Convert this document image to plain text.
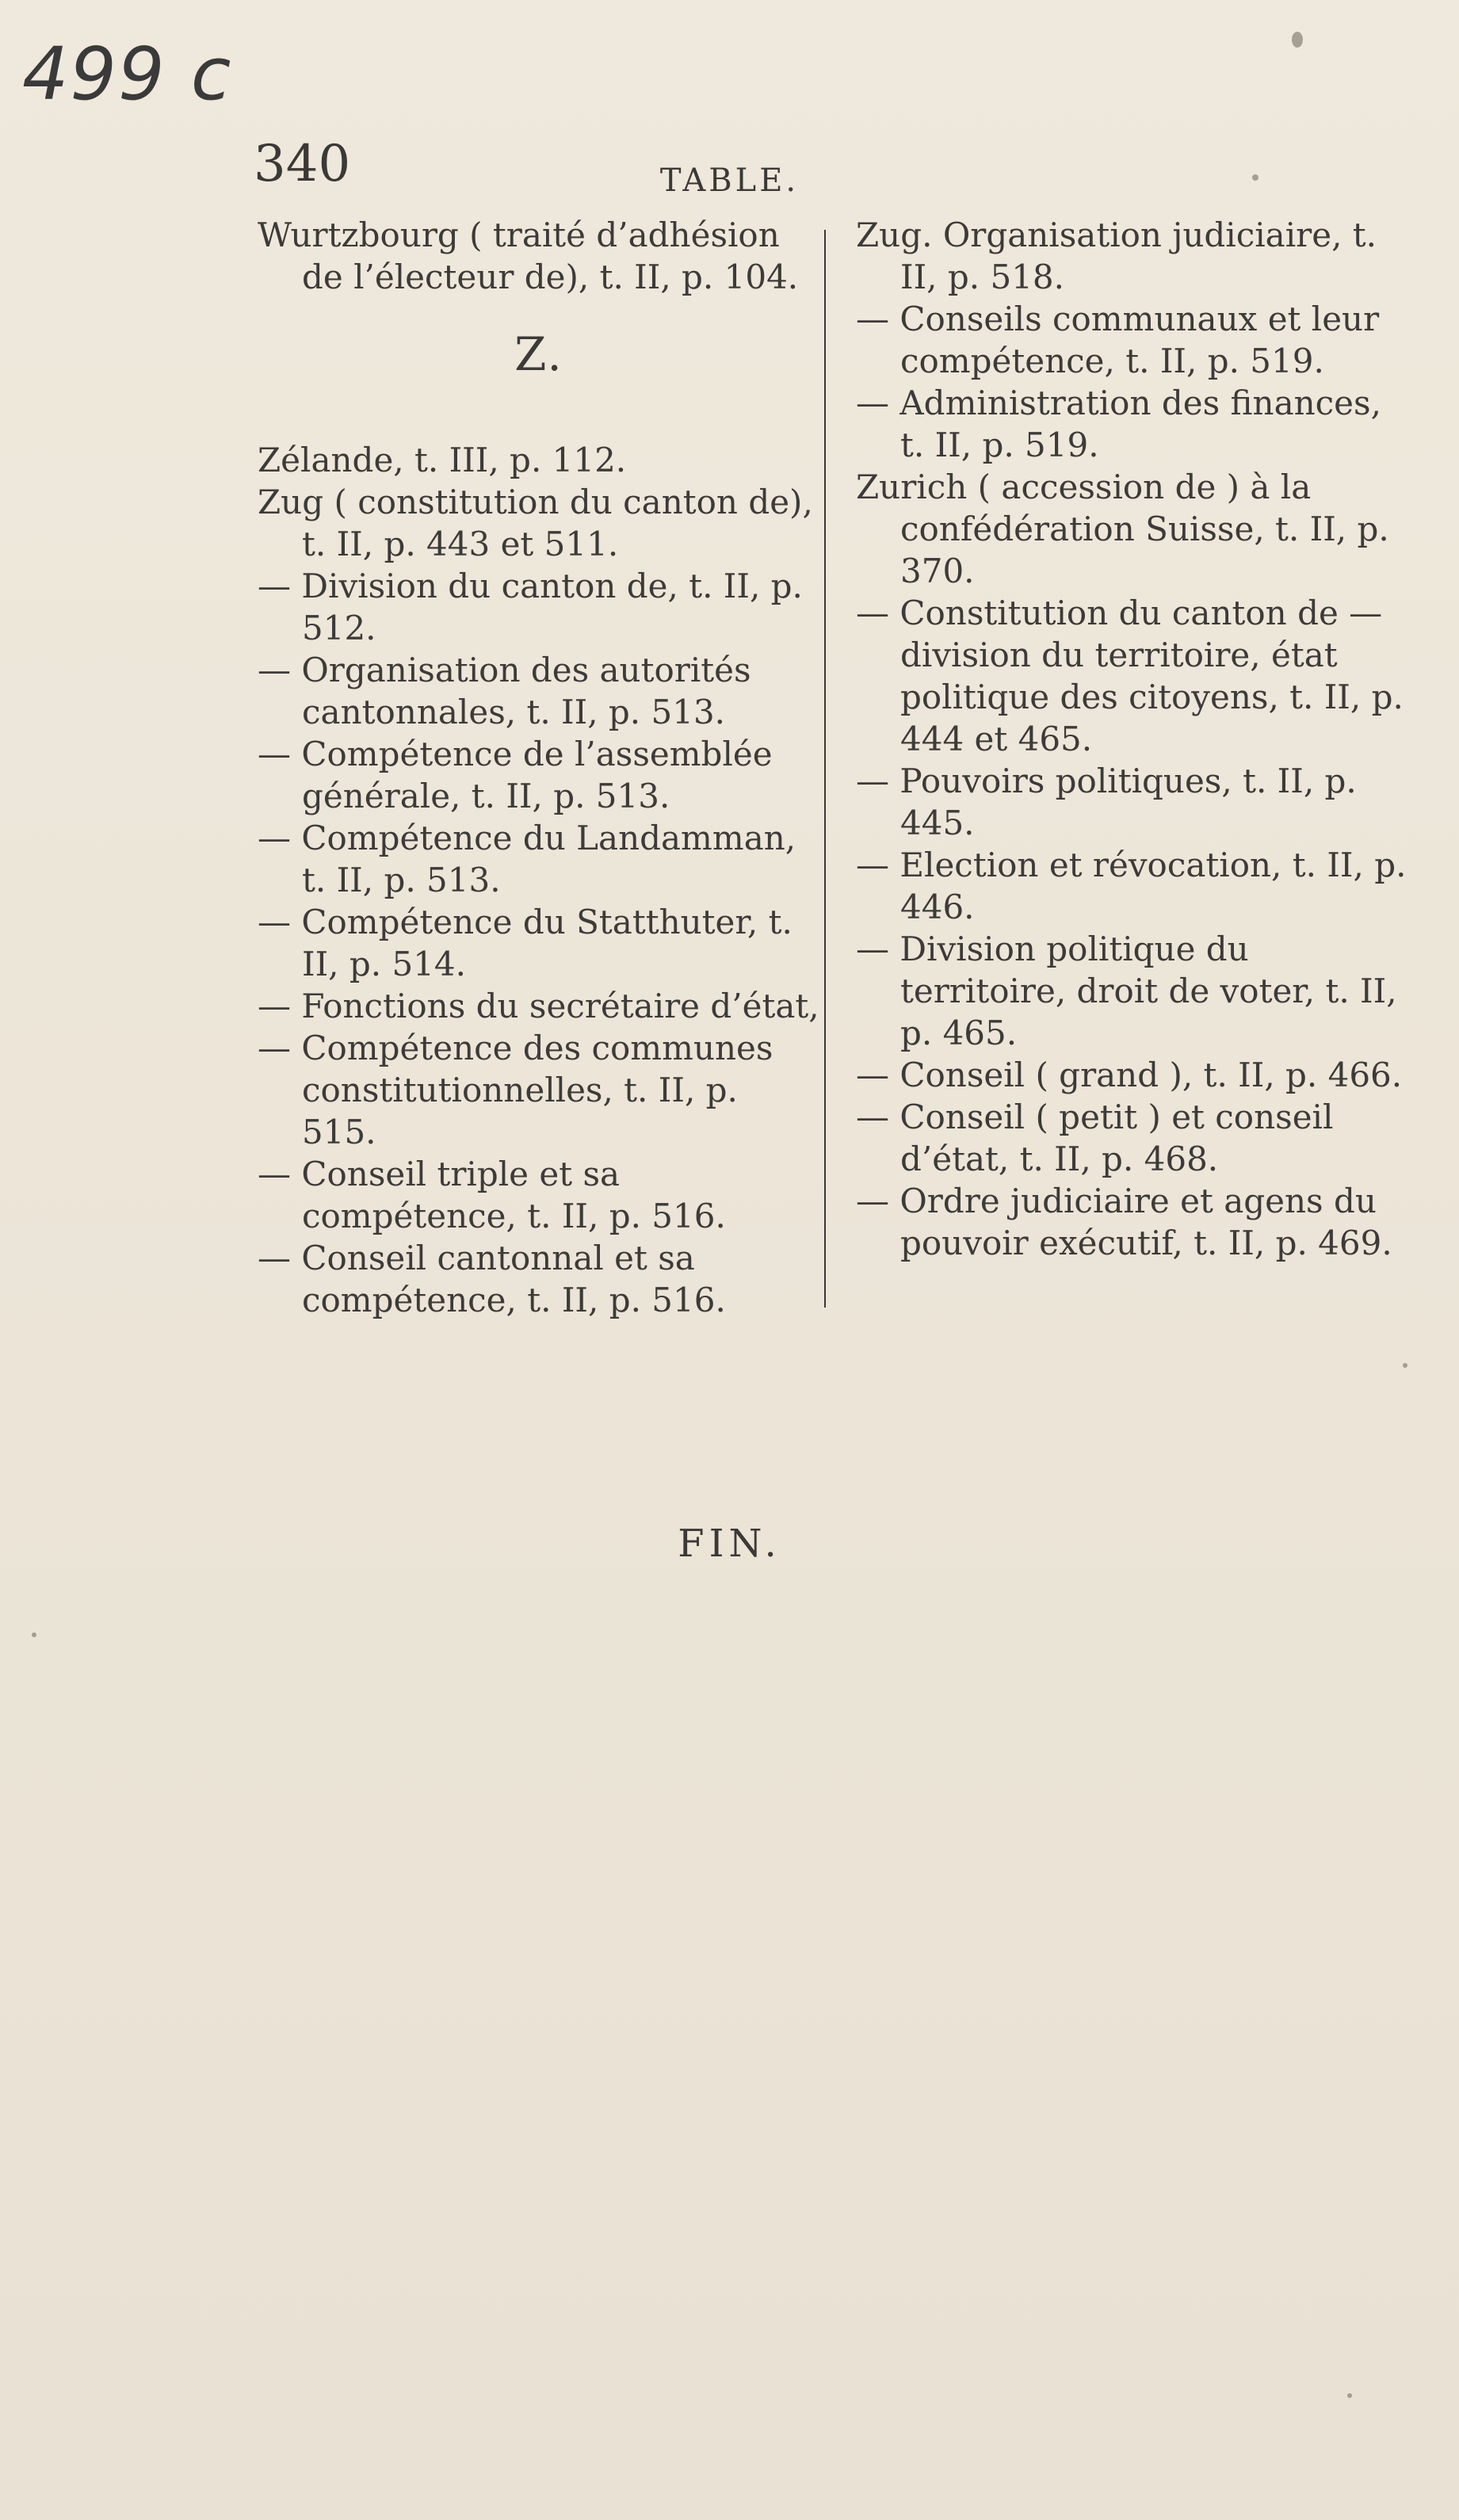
499 c
340	TABLE.

Wurtzbourg ( traité d’adhésion de l’électeur de), t. II, p. 104.

Z.

Zélande, t. III, p. 112.

Zug ( constitution du canton de), t. II, p. 443 et 511.

— Division du canton de, t. II, p. 512.

— Organisation des autorités cantonnales, t. II, p. 513.

— Compétence de l’assemblée générale, t. II, p. 513.

— Compétence du Landamman, t. II, p. 513.

— Compétence du Statthuter, t. II, p. 514.

— Fonctions du secrétaire d’état,

— Compétence des communes constitutionnelles, t. II, p. 515.

— Conseil triple et sa compétence, t. II, p. 516.

— Conseil cantonnal et sa compétence, t. II, p. 516.

Zug. Organisation judiciaire, t. II, p. 518.

— Conseils communaux et leur compétence, t. II, p. 519.

— Administration des finances, t. II, p. 519.

Zurich ( accession de ) à la confédération Suisse, t. II, p. 370.

— Constitution du canton de — division du territoire, état politique des citoyens, t. II, p. 444 et 465.

— Pouvoirs politiques, t. II, p. 445.

— Election et révocation, t. II, p. 446.

— Division politique du territoire, droit de voter, t. II, p. 465.

— Conseil ( grand ), t. II, p. 466.

— Conseil ( petit ) et conseil d’état, t. II, p. 468.

— Ordre judiciaire et agens du pouvoir exécutif, t. II, p. 469.

FIN.
